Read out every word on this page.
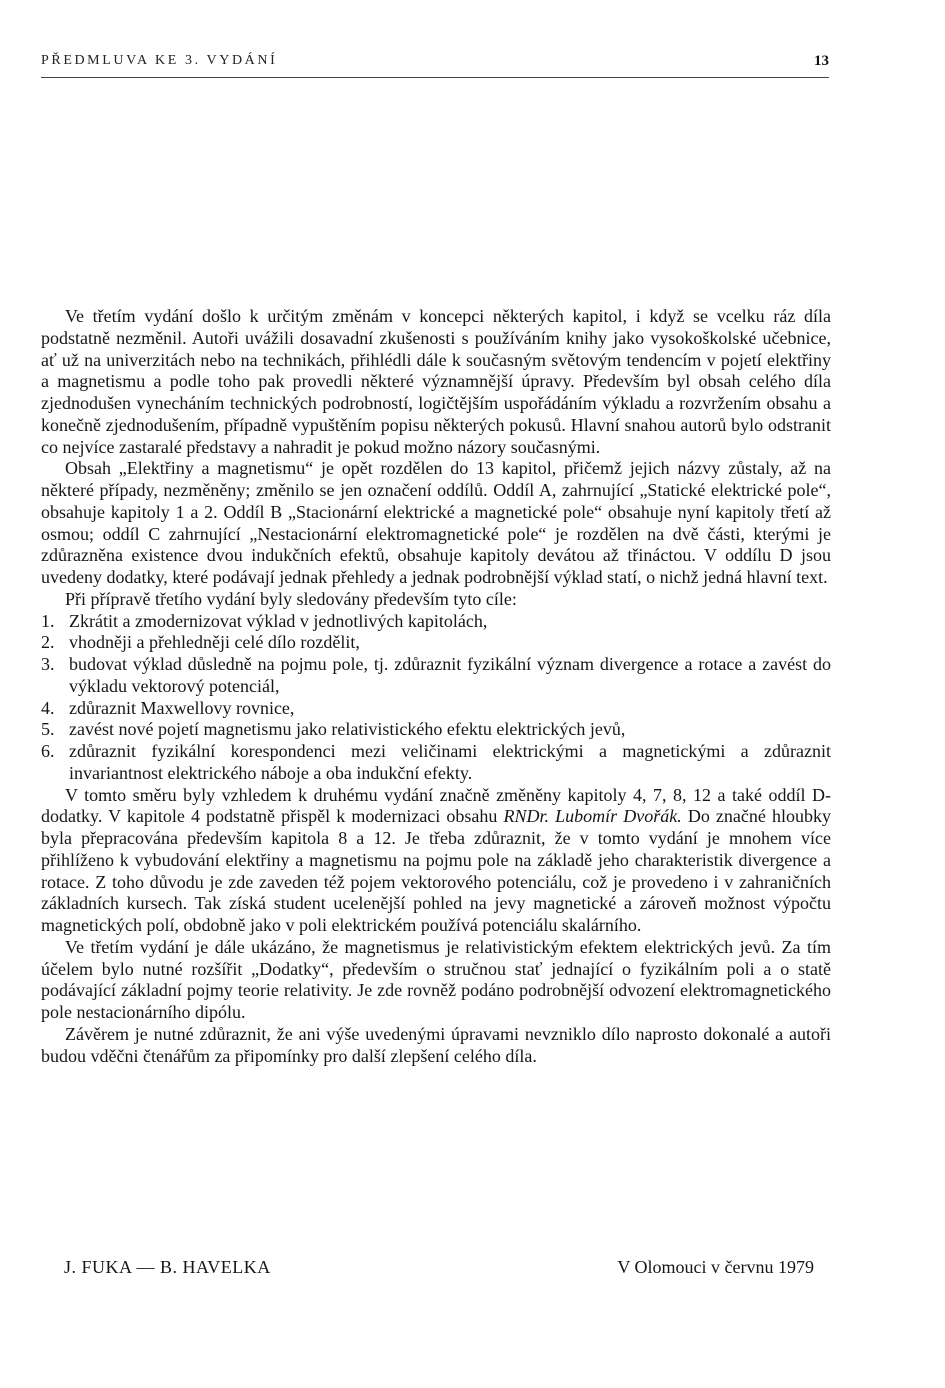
PŘEDMLUVA KE 3. VYDÁNÍ	13

Ve třetím vydání došlo k určitým změnám v koncepci některých kapitol, i když se vcelku ráz díla podstatně nezměnil. Autoři uvážili dosavadní zkušenosti s používáním knihy jako vysokoškolské učebnice, ať už na univerzitách nebo na technikách, přihlédli dále k současným světovým tendencím v pojetí elektřiny a magnetismu a podle toho pak provedli některé významnější úpravy. Především byl obsah celého díla zjednodušen vynecháním technických podrobností, logičtějším uspořádáním výkladu a rozvržením obsahu a konečně zjednodušením, případně vypuštěním popisu některých pokusů. Hlavní snahou autorů bylo odstranit co nejvíce zastaralé představy a nahradit je pokud možno názory současnými.

Obsah „Elektřiny a magnetismu“ je opět rozdělen do 13 kapitol, přičemž jejich názvy zůstaly, až na některé případy, nezměněny; změnilo se jen označení oddílů. Oddíl A, zahrnující „Statické elektrické pole“, obsahuje kapitoly 1 a 2. Oddíl B „Stacionární elektrické a magnetické pole“ obsahuje nyní kapitoly třetí až osmou; oddíl C zahrnující „Nestacionární elektromagnetické pole“ je rozdělen na dvě části, kterými je zdůrazněna existence dvou indukčních efektů, obsahuje kapitoly devátou až třináctou. V oddílu D jsou uvedeny dodatky, které podávají jednak přehledy a jednak podrobnější výklad statí, o nichž jedná hlavní text.

Při přípravě třetího vydání byly sledovány především tyto cíle:

1. Zkrátit a zmodernizovat výklad v jednotlivých kapitolách,
2. vhodněji a přehledněji celé dílo rozdělit,
3. budovat výklad důsledně na pojmu pole, tj. zdůraznit fyzikální význam divergence a rotace a zavést do výkladu vektorový potenciál,
4. zdůraznit Maxwellovy rovnice,
5. zavést nové pojetí magnetismu jako relativistického efektu elektrických jevů,
6. zdůraznit fyzikální korespondenci mezi veličinami elektrickými a magnetickými a zdůraznit invariantnost elektrického náboje a oba indukční efekty.

V tomto směru byly vzhledem k druhému vydání značně změněny kapitoly 4, 7, 8, 12 a také oddíl D-dodatky. V kapitole 4 podstatně přispěl k modernizaci obsahu RNDr. Lubomír Dvořák. Do značné hloubky byla přepracována především kapitola 8 a 12. Je třeba zdůraznit, že v tomto vydání je mnohem více přihlíženo k vybudování elektřiny a magnetismu na pojmu pole na základě jeho charakteristik divergence a rotace. Z toho důvodu je zde zaveden též pojem vektorového potenciálu, což je provedeno i v zahraničních základních kursech. Tak získá student ucelenější pohled na jevy magnetické a zároveň možnost výpočtu magnetických polí, obdobně jako v poli elektrickém používá potenciálu skalárního.

Ve třetím vydání je dále ukázáno, že magnetismus je relativistickým efektem elektrických jevů. Za tím účelem bylo nutné rozšířit „Dodatky“, především o stručnou stať jednající o fyzikálním poli a o statě podávající základní pojmy teorie relativity. Je zde rovněž podáno podrobnější odvození elektromagnetického pole nestacionárního dipólu.

Závěrem je nutné zdůraznit, že ani výše uvedenými úpravami nevzniklo dílo naprosto dokonalé a autoři budou vděčni čtenářům za připomínky pro další zlepšení celého díla.

J. FUKA — B. HAVELKA	V Olomouci v červnu 1979
